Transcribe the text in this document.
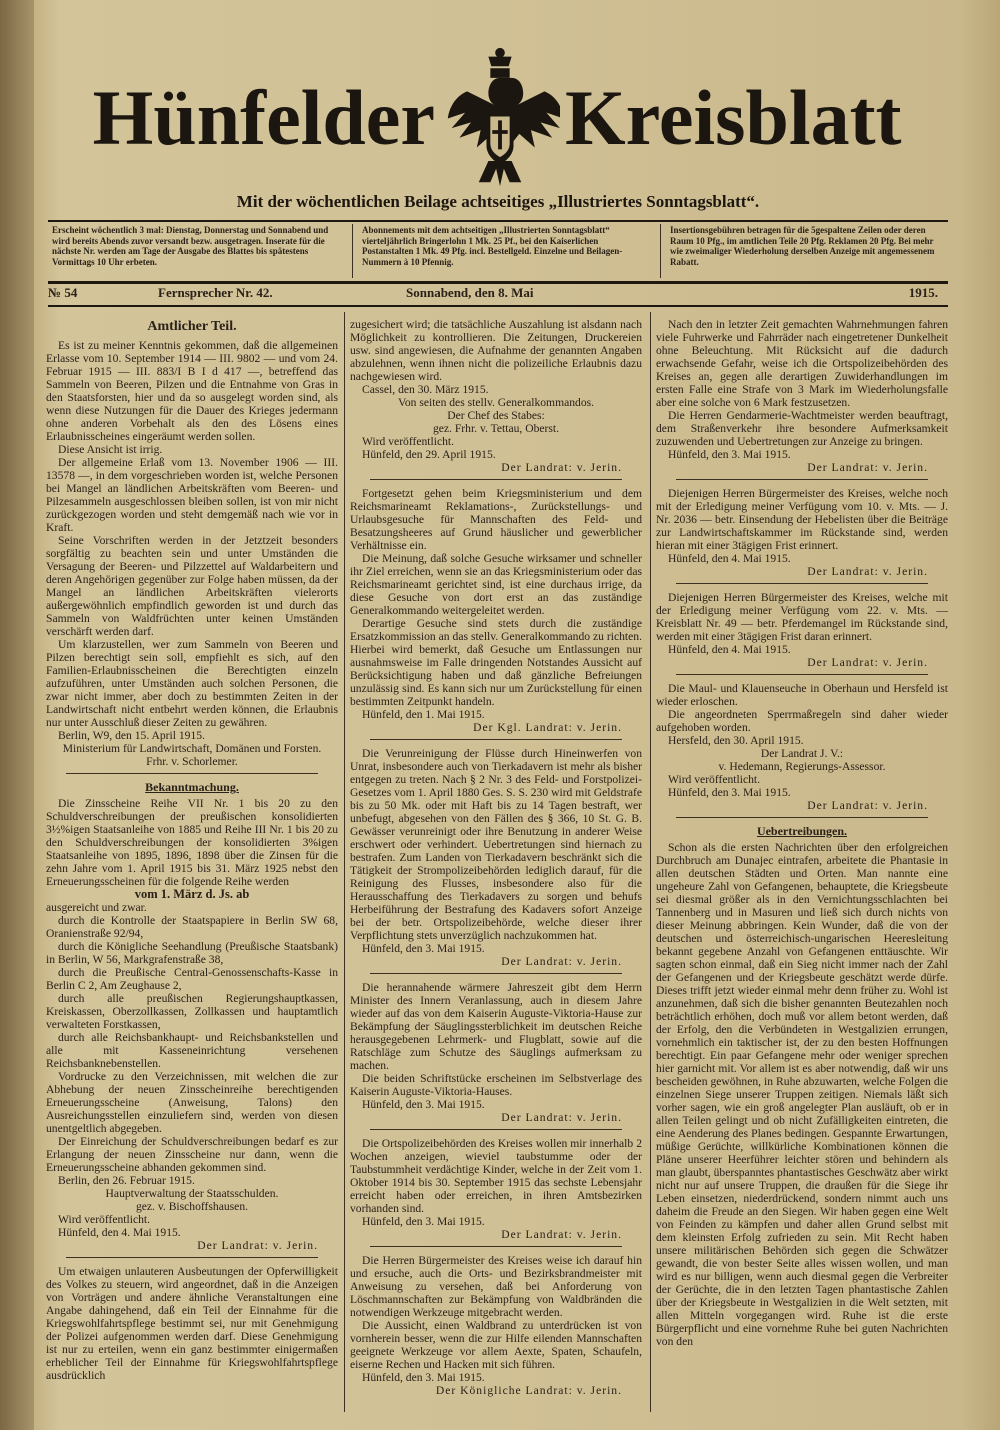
Hünfelder Kreisblatt
Mit der wöchentlichen Beilage achtseitiges „Illustriertes Sonntagsblatt“.
Erscheint wöchentlich 3 mal: Dienstag, Donnerstag und Sonnabend und wird bereits Abends zuvor versandt bezw. ausgetragen. Inserate für die nächste Nr. werden am Tage der Ausgabe des Blattes bis spätestens Vormittags 10 Uhr erbeten.
Abonnements mit dem achtseitigen „Illustrierten Sonntagsblatt“ vierteljährlich Bringerlohn 1 Mk. 25 Pf., bei den Kaiserlichen Postanstalten 1 Mk. 49 Pfg. incl. Bestellgeld. Einzelne und Beilagen-Nummern à 10 Pfennig.
Insertionsgebühren betragen für die 5gespaltene Zeilen oder deren Raum 10 Pfg., im amtlichen Teile 20 Pfg. Reklamen 20 Pfg. Bei mehr wie zweimaliger Wiederholung derselben Anzeige mit angemessenem Rabatt.
№ 54	Fernsprecher Nr. 42.	Sonnabend, den 8. Mai	1915.

Amtlicher Teil.

Es ist zu meiner Kenntnis gekommen, daß die allgemeinen Erlasse vom 10. September 1914 — III. 9802 — und vom 24. Februar 1915 — III. 883/I B I d 417 —, betreffend das Sammeln von Beeren, Pilzen und die Entnahme von Gras in den Staatsforsten, hier und da so ausgelegt worden sind, als wenn diese Nutzungen für die Dauer des Krieges jedermann ohne anderen Vorbehalt als den des Lösens eines Erlaubnisscheines eingeräumt werden sollen.

Diese Ansicht ist irrig.

Der allgemeine Erlaß vom 13. November 1906 — III. 13578 —, in dem vorgeschrieben worden ist, welche Personen bei Mangel an ländlichen Arbeitskräften vom Beeren- und Pilzesammeln ausgeschlossen bleiben sollen, ist von mir nicht zurückgezogen worden und steht demgemäß nach wie vor in Kraft.

Seine Vorschriften werden in der Jetztzeit besonders sorgfältig zu beachten sein und unter Umständen die Versagung der Beeren- und Pilzzettel auf Waldarbeitern und deren Angehörigen gegenüber zur Folge haben müssen, da der Mangel an ländlichen Arbeitskräften vielerorts außergewöhnlich empfindlich geworden ist und durch das Sammeln von Waldfrüchten unter keinen Umständen verschärft werden darf.

Um klarzustellen, wer zum Sammeln von Beeren und Pilzen berechtigt sein soll, empfiehlt es sich, auf den Familien-Erlaubnisscheinen die Berechtigten einzeln aufzuführen, unter Umständen auch solchen Personen, die zwar nicht immer, aber doch zu bestimmten Zeiten in der Landwirtschaft nicht entbehrt werden können, die Erlaubnis nur unter Ausschluß dieser Zeiten zu gewähren.

Berlin, W9, den 15. April 1915.

Ministerium für Landwirtschaft, Domänen und Forsten.

Frhr. v. Schorlemer.

Bekanntmachung.

Die Zinsscheine Reihe VII Nr. 1 bis 20 zu den Schuldverschreibungen der preußischen konsolidierten 3½%igen Staatsanleihe von 1885 und Reihe III Nr. 1 bis 20 zu den Schuldverschreibungen der konsolidierten 3%igen Staatsanleihe von 1895, 1896, 1898 über die Zinsen für die zehn Jahre vom 1. April 1915 bis 31. März 1925 nebst den Erneuerungsscheinen für die folgende Reihe werden

vom 1. März d. Js. ab

ausgereicht und zwar.

durch die Kontrolle der Staatspapiere in Berlin SW 68, Oranienstraße 92/94,

durch die Königliche Seehandlung (Preußische Staatsbank) in Berlin, W 56, Markgrafenstraße 38,

durch die Preußische Central-Genossenschafts-Kasse in Berlin C 2, Am Zeughause 2,

durch alle preußischen Regierungshauptkassen, Kreiskassen, Oberzollkassen, Zollkassen und hauptamtlich verwalteten Forstkassen,

durch alle Reichsbankhaupt- und Reichsbankstellen und alle mit Kasseneinrichtung versehenen Reichsbanknebenstellen.

Vordrucke zu den Verzeichnissen, mit welchen die zur Abhebung der neuen Zinsscheinreihe berechtigenden Erneuerungsscheine (Anweisung, Talons) den Ausreichungsstellen einzuliefern sind, werden von diesen unentgeltlich abgegeben.

Der Einreichung der Schuldverschreibungen bedarf es zur Erlangung der neuen Zinsscheine nur dann, wenn die Erneuerungsscheine abhanden gekommen sind.

Berlin, den 26. Februar 1915.

Hauptverwaltung der Staatsschulden.

gez. v. Bischoffshausen.

Wird veröffentlicht.

Hünfeld, den 4. Mai 1915.

Der Landrat: v. Jerin.

Um etwaigen unlauteren Ausbeutungen der Opferwilligkeit des Volkes zu steuern, wird angeordnet, daß in die Anzeigen von Vorträgen und andere ähnliche Veranstaltungen eine Angabe dahingehend, daß ein Teil der Einnahme für die Kriegswohlfahrtspflege bestimmt sei, nur mit Genehmigung der Polizei aufgenommen werden darf. Diese Genehmigung ist nur zu erteilen, wenn ein ganz bestimmter einigermaßen erheblicher Teil der Einnahme für Kriegswohlfahrtspflege ausdrücklich

zugesichert wird; die tatsächliche Auszahlung ist alsdann nach Möglichkeit zu kontrollieren. Die Zeitungen, Druckereien usw. sind angewiesen, die Aufnahme der genannten Angaben abzulehnen, wenn ihnen nicht die polizeiliche Erlaubnis dazu nachgewiesen wird.

Cassel, den 30. März 1915.

Von seiten des stellv. Generalkommandos.

Der Chef des Stabes:

gez. Frhr. v. Tettau, Oberst.

Wird veröffentlicht.

Hünfeld, den 29. April 1915.

Der Landrat: v. Jerin.

Fortgesetzt gehen beim Kriegsministerium und dem Reichsmarineamt Reklamations-, Zurückstellungs- und Urlaubsgesuche für Mannschaften des Feld- und Besatzungsheeres auf Grund häuslicher und gewerblicher Verhältnisse ein.

Die Meinung, daß solche Gesuche wirksamer und schneller ihr Ziel erreichen, wenn sie an das Kriegsministerium oder das Reichsmarineamt gerichtet sind, ist eine durchaus irrige, da diese Gesuche von dort erst an das zuständige Generalkommando weitergeleitet werden.

Derartige Gesuche sind stets durch die zuständige Ersatzkommission an das stellv. Generalkommando zu richten. Hierbei wird bemerkt, daß Gesuche um Entlassungen nur ausnahmsweise im Falle dringenden Notstandes Aussicht auf Berücksichtigung haben und daß gänzliche Befreiungen unzulässig sind. Es kann sich nur um Zurückstellung für einen bestimmten Zeitpunkt handeln.

Hünfeld, den 1. Mai 1915.

Der Kgl. Landrat: v. Jerin.

Die Verunreinigung der Flüsse durch Hineinwerfen von Unrat, insbesondere auch von Tierkadavern ist mehr als bisher entgegen zu treten. Nach § 2 Nr. 3 des Feld- und Forstpolizei-Gesetzes vom 1. April 1880 Ges. S. S. 230 wird mit Geldstrafe bis zu 50 Mk. oder mit Haft bis zu 14 Tagen bestraft, wer unbefugt, abgesehen von den Fällen des § 366, 10 St. G. B. Gewässer verunreinigt oder ihre Benutzung in anderer Weise erschwert oder verhindert. Uebertretungen sind hiernach zu bestrafen. Zum Landen von Tierkadavern beschränkt sich die Tätigkeit der Strompolizeibehörden lediglich darauf, für die Reinigung des Flusses, insbesondere also für die Herausschaffung des Tierkadavers zu sorgen und behufs Herbeiführung der Bestrafung des Kadavers sofort Anzeige bei der betr. Ortspolizeibehörde, welche dieser ihrer Verpflichtung stets unverzüglich nachzukommen hat.

Hünfeld, den 3. Mai 1915.

Der Landrat: v. Jerin.

Die herannahende wärmere Jahreszeit gibt dem Herrn Minister des Innern Veranlassung, auch in diesem Jahre wieder auf das von dem Kaiserin Auguste-Viktoria-Hause zur Bekämpfung der Säuglingssterblichkeit im deutschen Reiche herausgegebenen Lehrmerk- und Flugblatt, sowie auf die Ratschläge zum Schutze des Säuglings aufmerksam zu machen.

Die beiden Schriftstücke erscheinen im Selbstverlage des Kaiserin Auguste-Viktoria-Hauses.

Hünfeld, den 3. Mai 1915.

Der Landrat: v. Jerin.

Die Ortspolizeibehörden des Kreises wollen mir innerhalb 2 Wochen anzeigen, wieviel taubstumme oder der Taubstummheit verdächtige Kinder, welche in der Zeit vom 1. Oktober 1914 bis 30. September 1915 das sechste Lebensjahr erreicht haben oder erreichen, in ihren Amtsbezirken vorhanden sind.

Hünfeld, den 3. Mai 1915.

Der Landrat: v. Jerin.

Die Herren Bürgermeister des Kreises weise ich darauf hin und ersuche, auch die Orts- und Bezirksbrandmeister mit Anweisung zu versehen, daß bei Anforderung von Löschmannschaften zur Bekämpfung von Waldbränden die notwendigen Werkzeuge mitgebracht werden.

Die Aussicht, einen Waldbrand zu unterdrücken ist von vornherein besser, wenn die zur Hilfe eilenden Mannschaften geeignete Werkzeuge vor allem Aexte, Spaten, Schaufeln, eiserne Rechen und Hacken mit sich führen.

Hünfeld, den 3. Mai 1915.

Der Königliche Landrat: v. Jerin.

Nach den in letzter Zeit gemachten Wahrnehmungen fahren viele Fuhrwerke und Fahrräder nach eingetretener Dunkelheit ohne Beleuchtung. Mit Rücksicht auf die dadurch erwachsende Gefahr, weise ich die Ortspolizeibehörden des Kreises an, gegen alle derartigen Zuwiderhandlungen im ersten Falle eine Strafe von 3 Mark im Wiederholungsfalle aber eine solche von 6 Mark festzusetzen.

Die Herren Gendarmerie-Wachtmeister werden beauftragt, dem Straßenverkehr ihre besondere Aufmerksamkeit zuzuwenden und Uebertretungen zur Anzeige zu bringen.

Hünfeld, den 3. Mai 1915.

Der Landrat: v. Jerin.

Diejenigen Herren Bürgermeister des Kreises, welche noch mit der Erledigung meiner Verfügung vom 10. v. Mts. — J. Nr. 2036 — betr. Einsendung der Hebelisten über die Beiträge zur Landwirtschaftskammer im Rückstande sind, werden hieran mit einer 3tägigen Frist erinnert.

Hünfeld, den 4. Mai 1915.

Der Landrat: v. Jerin.

Diejenigen Herren Bürgermeister des Kreises, welche mit der Erledigung meiner Verfügung vom 22. v. Mts. — Kreisblatt Nr. 49 — betr. Pferdemangel im Rückstande sind, werden mit einer 3tägigen Frist daran erinnert.

Hünfeld, den 4. Mai 1915.

Der Landrat: v. Jerin.

Die Maul- und Klauenseuche in Oberhaun und Hersfeld ist wieder erloschen.

Die angeordneten Sperrmaßregeln sind daher wieder aufgehoben worden.

Hersfeld, den 30. April 1915.

Der Landrat J. V.:

v. Hedemann, Regierungs-Assessor.

Wird veröffentlicht.

Hünfeld, den 3. Mai 1915.

Der Landrat: v. Jerin.

Uebertreibungen.

Schon als die ersten Nachrichten über den erfolgreichen Durchbruch am Dunajec eintrafen, arbeitete die Phantasie in allen deutschen Städten und Orten. Man nannte eine ungeheure Zahl von Gefangenen, behauptete, die Kriegsbeute sei diesmal größer als in den Vernichtungsschlachten bei Tannenberg und in Masuren und ließ sich durch nichts von dieser Meinung abbringen. Kein Wunder, daß die von der deutschen und österreichisch-ungarischen Heeresleitung bekannt gegebene Anzahl von Gefangenen enttäuschte. Wir sagten schon einmal, daß ein Sieg nicht immer nach der Zahl der Gefangenen und der Kriegsbeute geschätzt werde dürfe. Dieses trifft jetzt wieder einmal mehr denn früher zu. Wohl ist anzunehmen, daß sich die bisher genannten Beutezahlen noch beträchtlich erhöhen, doch muß vor allem betont werden, daß der Erfolg, den die Verbündeten in Westgalizien errungen, vornehmlich ein taktischer ist, der zu den besten Hoffnungen berechtigt. Ein paar Gefangene mehr oder weniger sprechen hier garnicht mit. Vor allem ist es aber notwendig, daß wir uns bescheiden gewöhnen, in Ruhe abzuwarten, welche Folgen die einzelnen Siege unserer Truppen zeitigen. Niemals läßt sich vorher sagen, wie ein groß angelegter Plan ausläuft, ob er in allen Teilen gelingt und ob nicht Zufälligkeiten eintreten, die eine Aenderung des Planes bedingen. Gespannte Erwartungen, müßige Gerüchte, willkürliche Kombinationen können die Pläne unserer Heerführer leichter stören und behindern als man glaubt, überspanntes phantastisches Geschwätz aber wirkt nicht nur auf unsere Truppen, die draußen für die Siege ihr Leben einsetzen, niederdrückend, sondern nimmt auch uns daheim die Freude an den Siegen. Wir haben gegen eine Welt von Feinden zu kämpfen und daher allen Grund selbst mit dem kleinsten Erfolg zufrieden zu sein. Mit Recht haben unsere militärischen Behörden sich gegen die Schwätzer gewandt, die von bester Seite alles wissen wollen, und man wird es nur billigen, wenn auch diesmal gegen die Verbreiter der Gerüchte, die in den letzten Tagen phantastische Zahlen über der Kriegsbeute in Westgalizien in die Welt setzten, mit allen Mitteln vorgegangen wird. Ruhe ist die erste Bürgerpflicht und eine vornehme Ruhe bei guten Nachrichten von den
